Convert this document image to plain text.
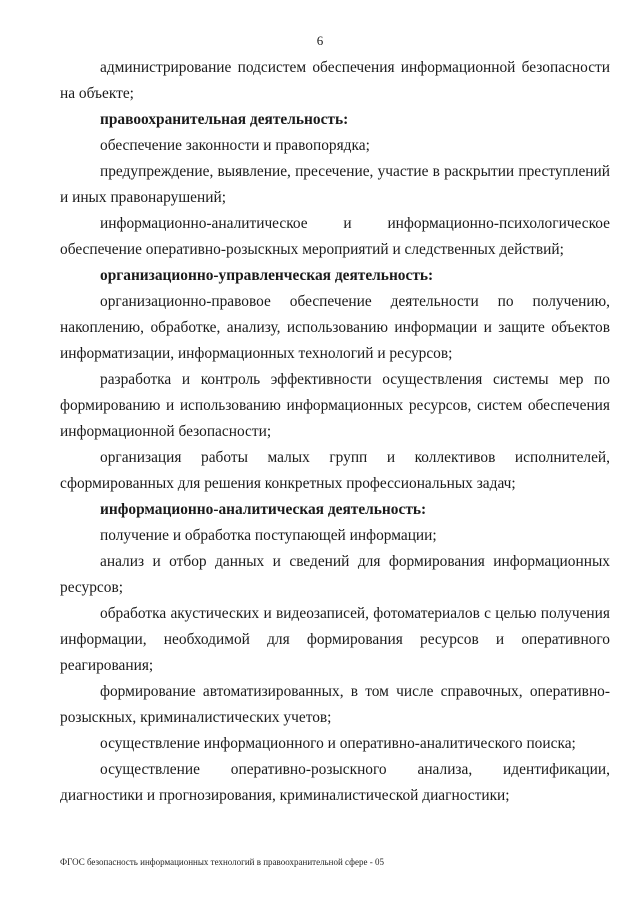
6

администрирование подсистем обеспечения информационной безопасности на объекте;

правоохранительная деятельность:

обеспечение законности и правопорядка;

предупреждение, выявление, пресечение, участие в раскрытии преступлений и иных правонарушений;

информационно-аналитическое и информационно-психологическое обеспечение оперативно-розыскных мероприятий и следственных действий;

организационно-управленческая деятельность:

организационно-правовое обеспечение деятельности по получению, накоплению, обработке, анализу, использованию информации и защите объектов информатизации, информационных технологий и ресурсов;

разработка и контроль эффективности осуществления системы мер по формированию и использованию информационных ресурсов, систем обеспечения информационной безопасности;

организация работы малых групп и коллективов исполнителей, сформированных для решения конкретных профессиональных задач;

информационно-аналитическая деятельность:

получение и обработка поступающей информации;

анализ и отбор данных и сведений для формирования информационных ресурсов;

обработка акустических и видеозаписей, фотоматериалов с целью получения информации, необходимой для формирования ресурсов и оперативного реагирования;

формирование автоматизированных, в том числе справочных, оперативно-розыскных, криминалистических учетов;

осуществление информационного и оперативно-аналитического поиска;

осуществление оперативно-розыскного анализа, идентификации, диагностики и прогнозирования, криминалистической диагностики;

ФГОС безопасность информационных технологий в правоохранительной сфере - 05
